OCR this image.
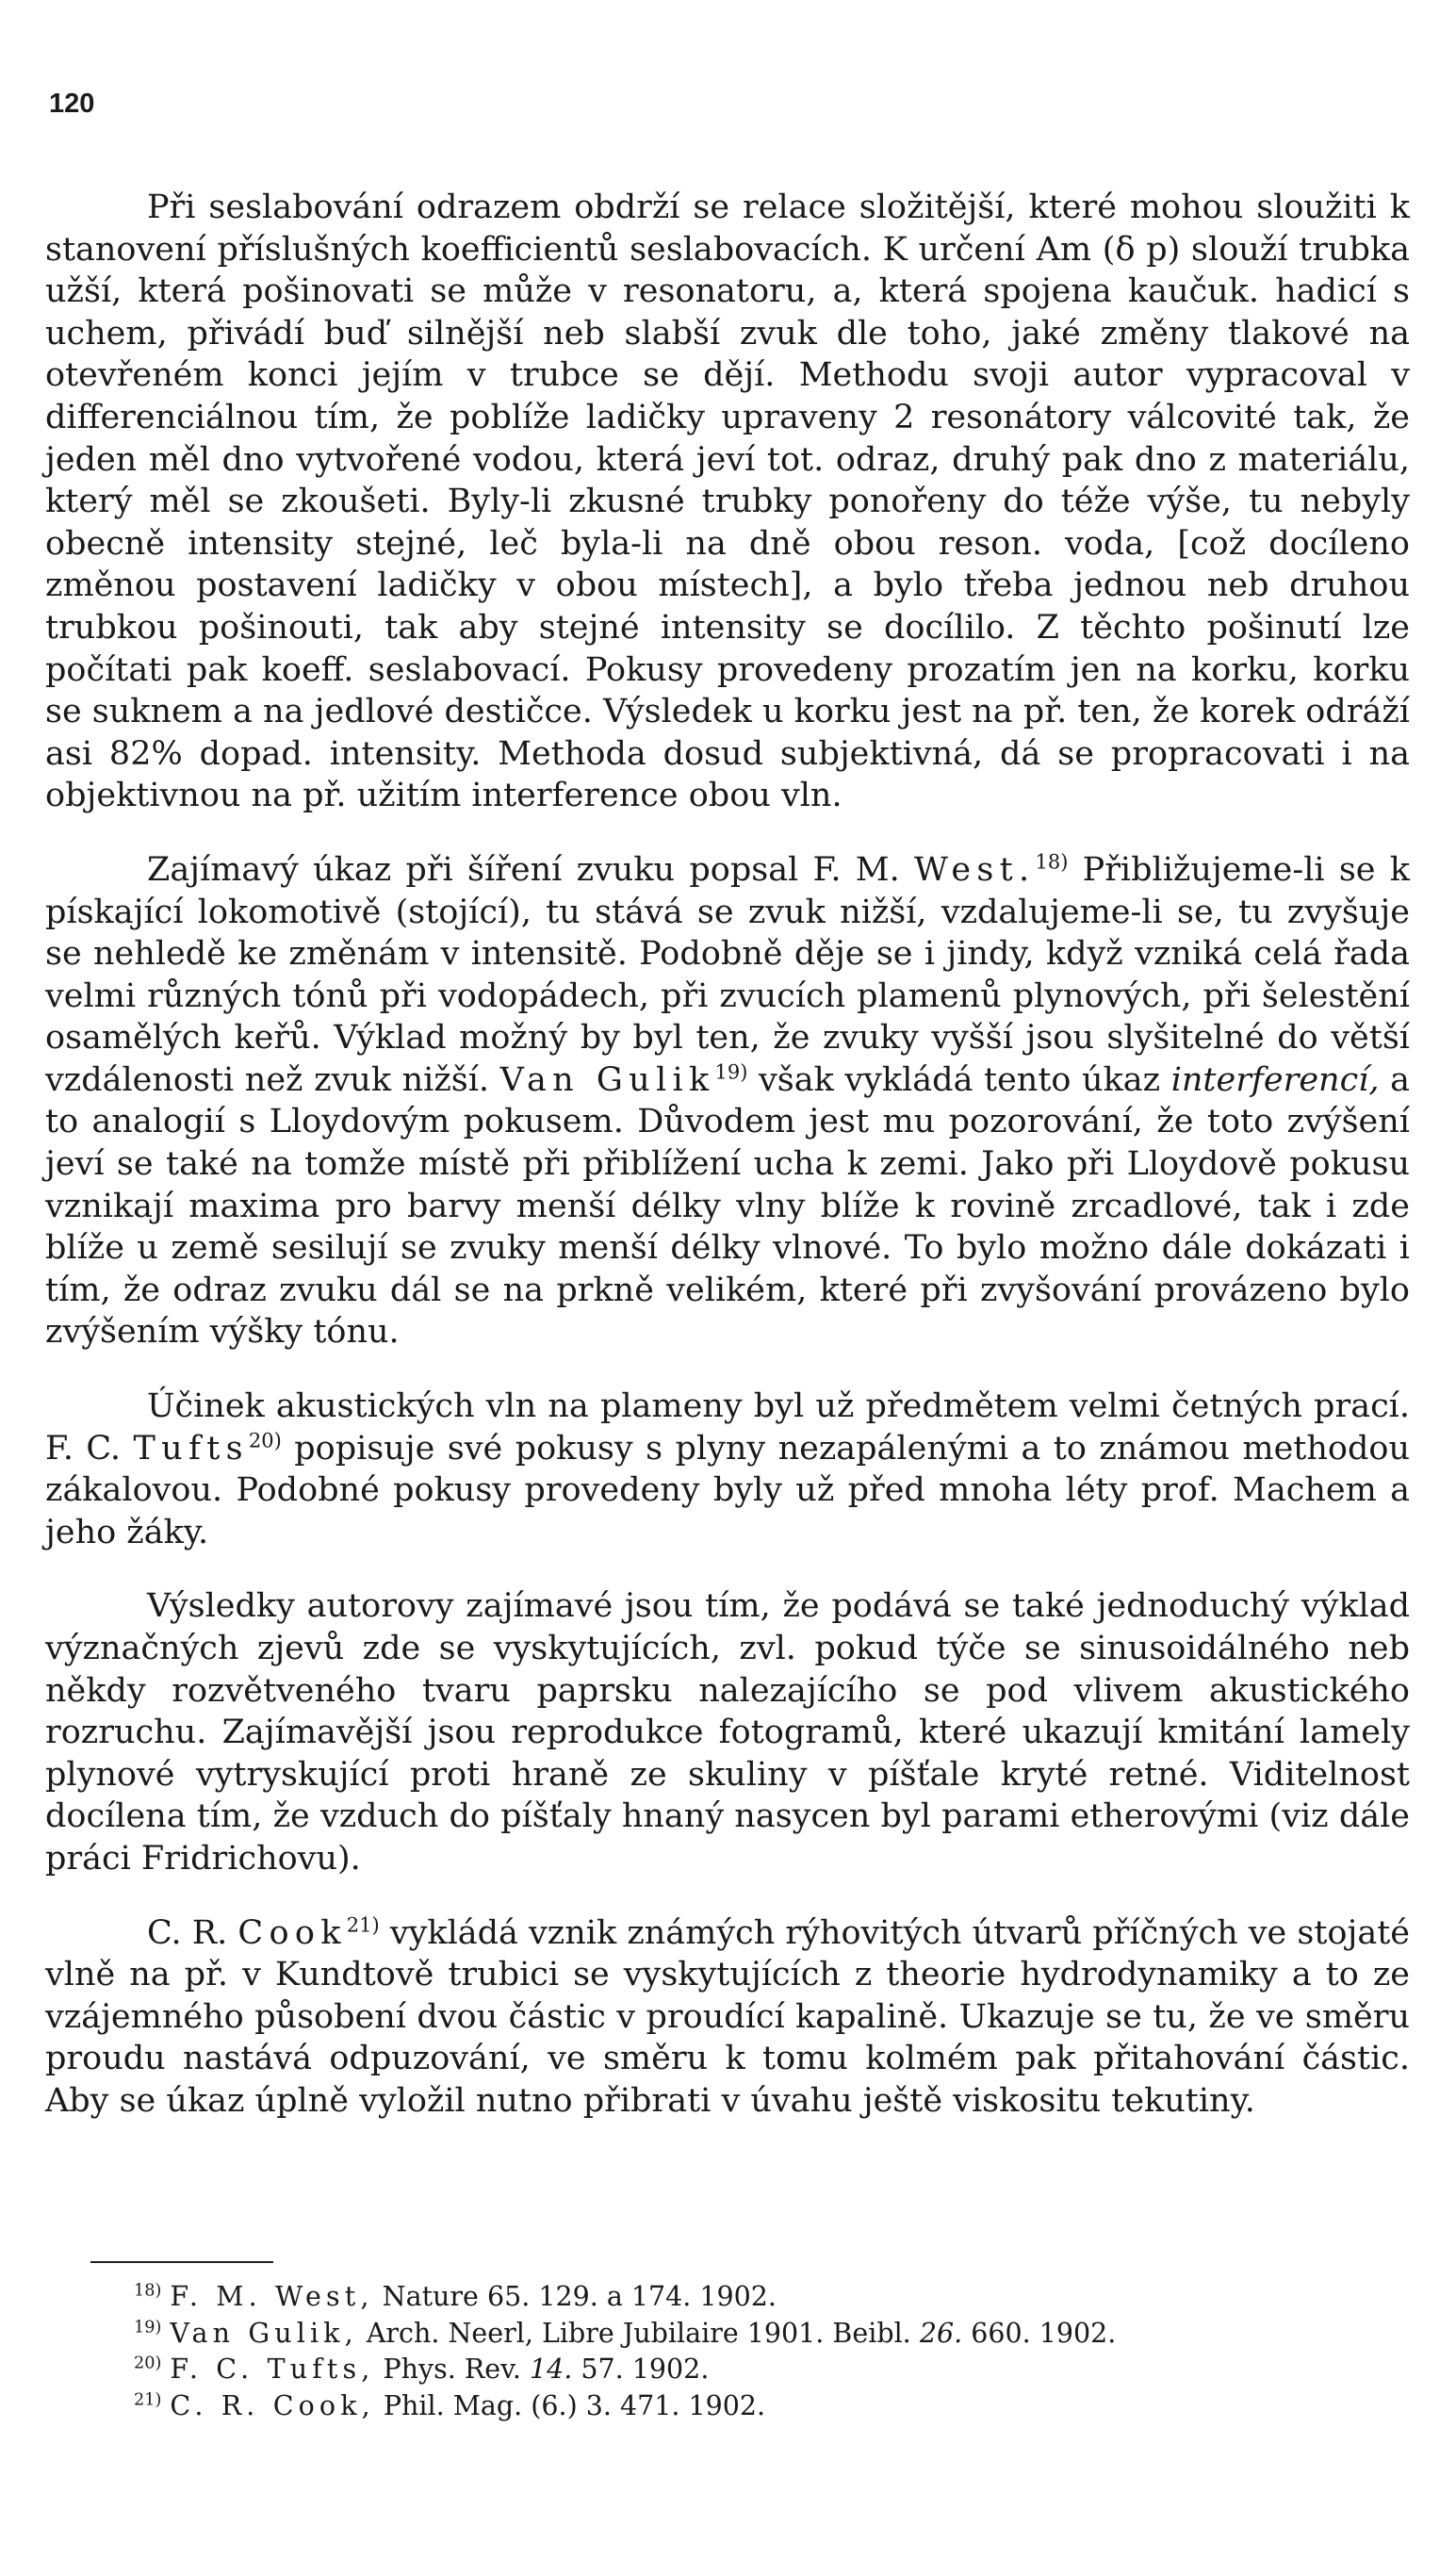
120

Při seslabování odrazem obdrží se relace složitější, které mohou sloužiti k stanovení příslušných koefficientů seslabovacích. K určení Am (δ p) slouží trubka užší, která pošinovati se může v resonatoru, a, která spojena kaučuk. hadicí s uchem, přivádí buď silnější neb slabší zvuk dle toho, jaké změny tlakové na otevřeném konci jejím v trubce se dějí. Methodu svoji autor vypracoval v differenciálnou tím, že poblíže ladičky upraveny 2 resonátory válcovité tak, že jeden měl dno vytvořené vodou, která jeví tot. odraz, druhý pak dno z materiálu, který měl se zkoušeti. Byly-li zkusné trubky ponořeny do téže výše, tu nebyly obecně intensity stejné, leč byla-li na dně obou reson. voda, [což docíleno změnou postavení ladičky v obou místech], a bylo třeba jednou neb druhou trubkou pošinouti, tak aby stejné intensity se docílilo. Z těchto pošinutí lze počítati pak koeff. seslabovací. Pokusy provedeny prozatím jen na korku, korku se suknem a na jedlové destičce. Výsledek u korku jest na př. ten, že korek odráží asi 82% dopad. intensity. Methoda dosud subjektivná, dá se propracovati i na objektivnou na př. užitím interference obou vln.

Zajímavý úkaz při šíření zvuku popsal F. M. West.$^{18)}$ Přibližujeme-li se k pískající lokomotivě (stojící), tu stává se zvuk nižší, vzdalujeme-li se, tu zvyšuje se nehledě ke změnám v intensitě. Podobně děje se i jindy, když vzniká celá řada velmi různých tónů při vodopádech, při zvucích plamenů plynových, při šelestění osamělých keřů. Výklad možný by byl ten, že zvuky vyšší jsou slyšitelné do větší vzdálenosti než zvuk nižší. Van Gulik$^{19)}$ však vykládá tento úkaz interferencí, a to analogií s Lloydovým pokusem. Důvodem jest mu pozorování, že toto zvýšení jeví se také na tomže místě při přiblížení ucha k zemi. Jako při Lloydově pokusu vznikají maxima pro barvy menší délky vlny blíže k rovině zrcadlové, tak i zde blíže u země sesilují se zvuky menší délky vlnové. To bylo možno dále dokázati i tím, že odraz zvuku dál se na prkně velikém, které při zvyšování provázeno bylo zvýšením výšky tónu.

Účinek akustických vln na plameny byl už předmětem velmi četných prací. F. C. Tufts$^{20)}$ popisuje své pokusy s plyny nezapálenými a to známou methodou zákalovou. Podobné pokusy provedeny byly už před mnoha léty prof. Machem a jeho žáky.

Výsledky autorovy zajímavé jsou tím, že podává se také jednoduchý výklad význačných zjevů zde se vyskytujících, zvl. pokud týče se sinusoidálného neb někdy rozvětveného tvaru paprsku nalezajícího se pod vlivem akustického rozruchu. Zajímavější jsou reprodukce fotogramů, které ukazují kmitání lamely plynové vytryskující proti hraně ze skuliny v píšťale kryté retné. Viditelnost docílena tím, že vzduch do píšťaly hnaný nasycen byl parami etherovými (viz dále práci Fridrichovu).

C. R. Cook$^{21)}$ vykládá vznik známých rýhovitých útvarů příčných ve stojaté vlně na př. v Kundtově trubici se vyskytujících z theorie hydrodynamiky a to ze vzájemného působení dvou částic v proudící kapalině. Ukazuje se tu, že ve směru proudu nastává odpuzování, ve směru k tomu kolmém pak přitahování částic. Aby se úkaz úplně vyložil nutno přibrati v úvahu ještě viskositu tekutiny.

$^{18)}$ F. M. West, Nature 65. 129. a 174. 1902.
$^{19)}$ Van Gulik, Arch. Neerl, Libre Jubilaire 1901. Beibl. 26. 660. 1902.
$^{20)}$ F. C. Tufts, Phys. Rev. 14. 57. 1902.
$^{21)}$ C. R. Cook, Phil. Mag. (6.) 3. 471. 1902.
